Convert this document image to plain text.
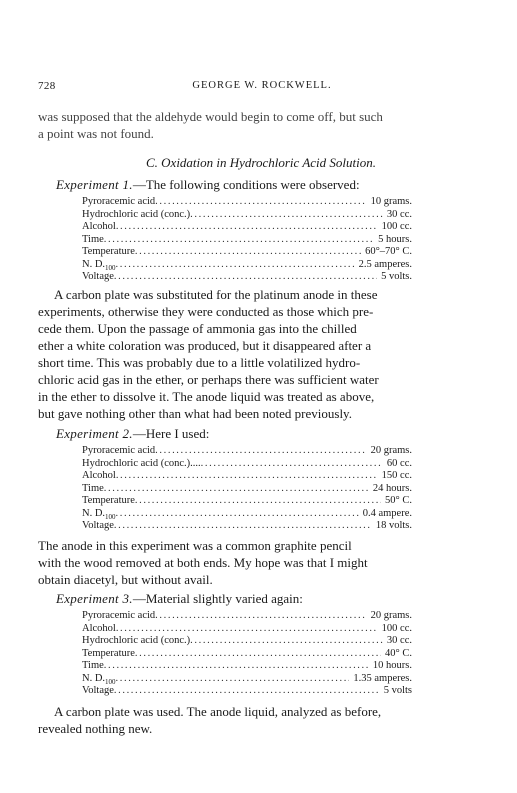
728	GEORGE W. ROCKWELL.
was supposed that the aldehyde would begin to come off, but such
a point was not found.
C. Oxidation in Hydrochloric Acid Solution.
Experiment 1.—The following conditions were observed:
Pyroracemic acid .....	10 grams.
Hydrochloric acid (conc.) .....	30 cc.
Alcohol .....	100 cc.
Time .....	5 hours.
Temperature .....	60°–70° C.
N. $D._{100}$ .....	2.5 amperes.
Voltage .....	5 volts.
A carbon plate was substituted for the platinum anode in these
experiments, otherwise they were conducted as those which pre-
cede them. Upon the passage of ammonia gas into the chilled
ether a white coloration was produced, but it disappeared after a
short time. This was probably due to a little volatilized hydro-
chloric acid gas in the ether, or perhaps there was sufficient water
in the ether to dissolve it. The anode liquid was treated as above,
but gave nothing other than what had been noted previously.
Experiment 2.—Here I used:
Pyroracemic acid .....	20 grams.
Hydrochloric acid (conc.).... .....	60 cc.
Alcohol .....	150 cc.
Time .....	24 hours.
Temperature .....	50° C.
N. $D._{100}$ .....	0.4 ampere.
Voltage .....	18 volts.
The anode in this experiment was a common graphite pencil
with the wood removed at both ends. My hope was that I might
obtain diacetyl, but without avail.
Experiment 3.—Material slightly varied again:
Pyroracemic acid .....	20 grams.
Alcohol .....	100 cc.
Hydrochloric acid (conc.) .....	30 cc.
Temperature .....	40° C.
Time .....	10 hours.
N. $D._{100}$ .....	1.35 amperes.
Voltage .....	5 volts
A carbon plate was used. The anode liquid, analyzed as before,
revealed nothing new.
